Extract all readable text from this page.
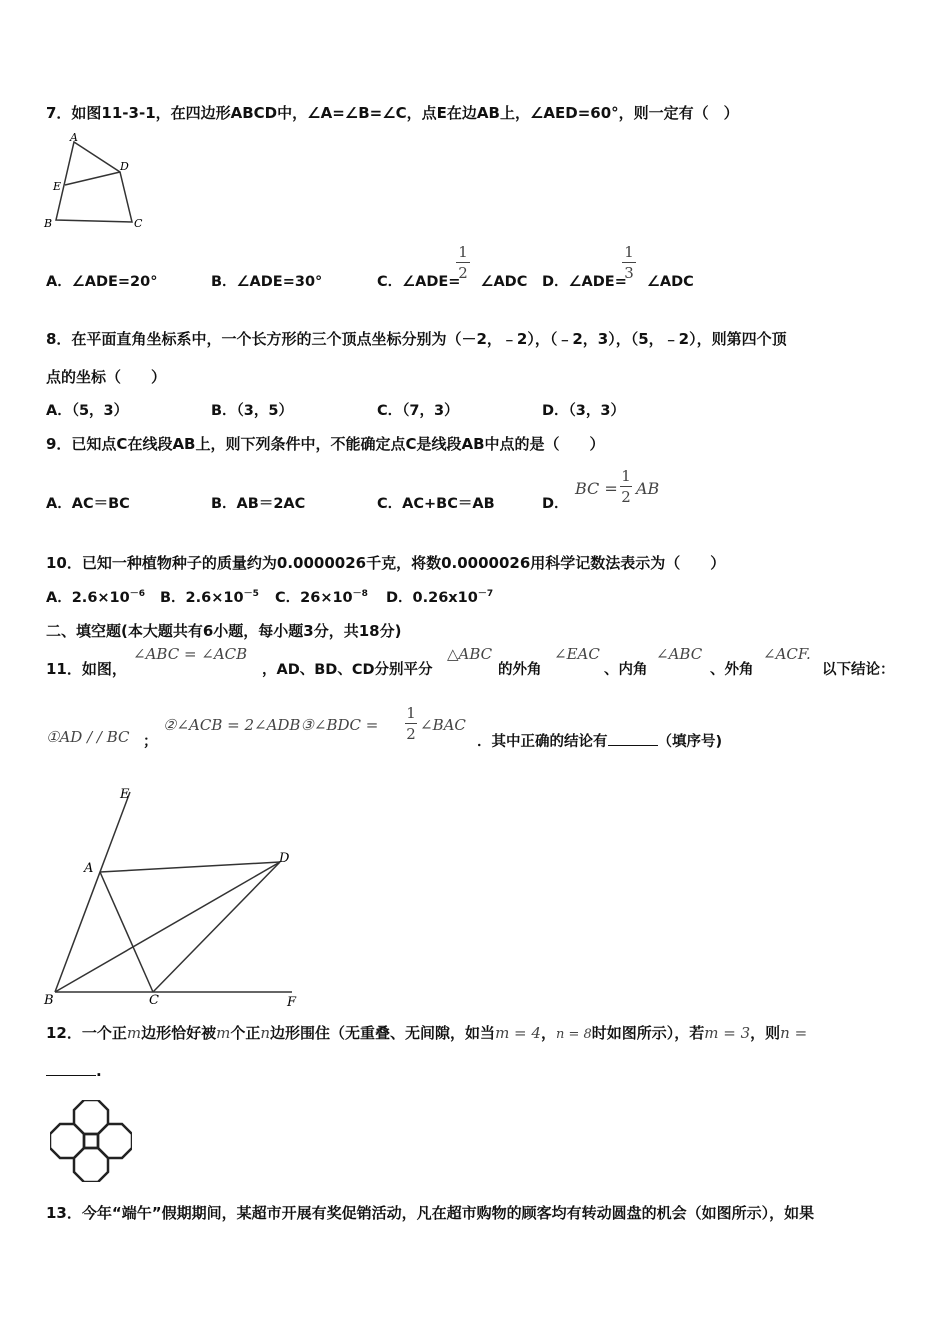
7．如图11-3-1，在四边形ABCD中，∠A=∠B=∠C，点E在边AB上，∠AED=60°，则一定有（　）
A
D
E
B	C
A．∠ADE=20°	B．∠ADE=30°	C．∠ADE= ∠ADC
1
2	D．∠ADE= ∠ADC
1
3
8．在平面直角坐标系中，一个长方形的三个顶点坐标分别为（－2，﹣2），（﹣2，3），（5，﹣2），则第四个顶
点的坐标（　　）
A．（5，3）	B．（3，5）	C．（7，3）	D．（3，3）
9．已知点C在线段AB上，则下列条件中，不能确定点C是线段AB中点的是（　　）
A．AC＝BC	B．AB＝2AC	C．AC+BC＝AB	D．
BC =
1
2 AB
10．已知一种植物种子的质量约为0.0000026千克，将数0.0000026用科学记数法表示为（　　）
A．$2.6\times 10^{-6}$ B．$2.6\times 10^{-5}$ C．$26\times 10^{-8}$ D．$0.26x10^{-7}$
二、填空题(本大题共有6小题，每小题3分，共18分)
11．如图，
∠ABC = ∠ACB
，AD、BD、CD分别平分
△ABC
的外角
∠EAC
、内角
∠ABC
、外角
∠ACF.
以下结论：
①AD / / BC ；
②∠ACB = 2∠ADB③∠BDC =
1
2 ∠BAC
．其中正确的结论有	（填序号)
E
A
D
B	C	F
12．一个正m边形恰好被m个正n边形围住（无重叠、无间隙，如当m = 4，n = 8时如图所示），若m = 3，则n =
.
13．今年“端午”假期期间，某超市开展有奖促销活动，凡在超市购物的顾客均有转动圆盘的机会（如图所示），如果
